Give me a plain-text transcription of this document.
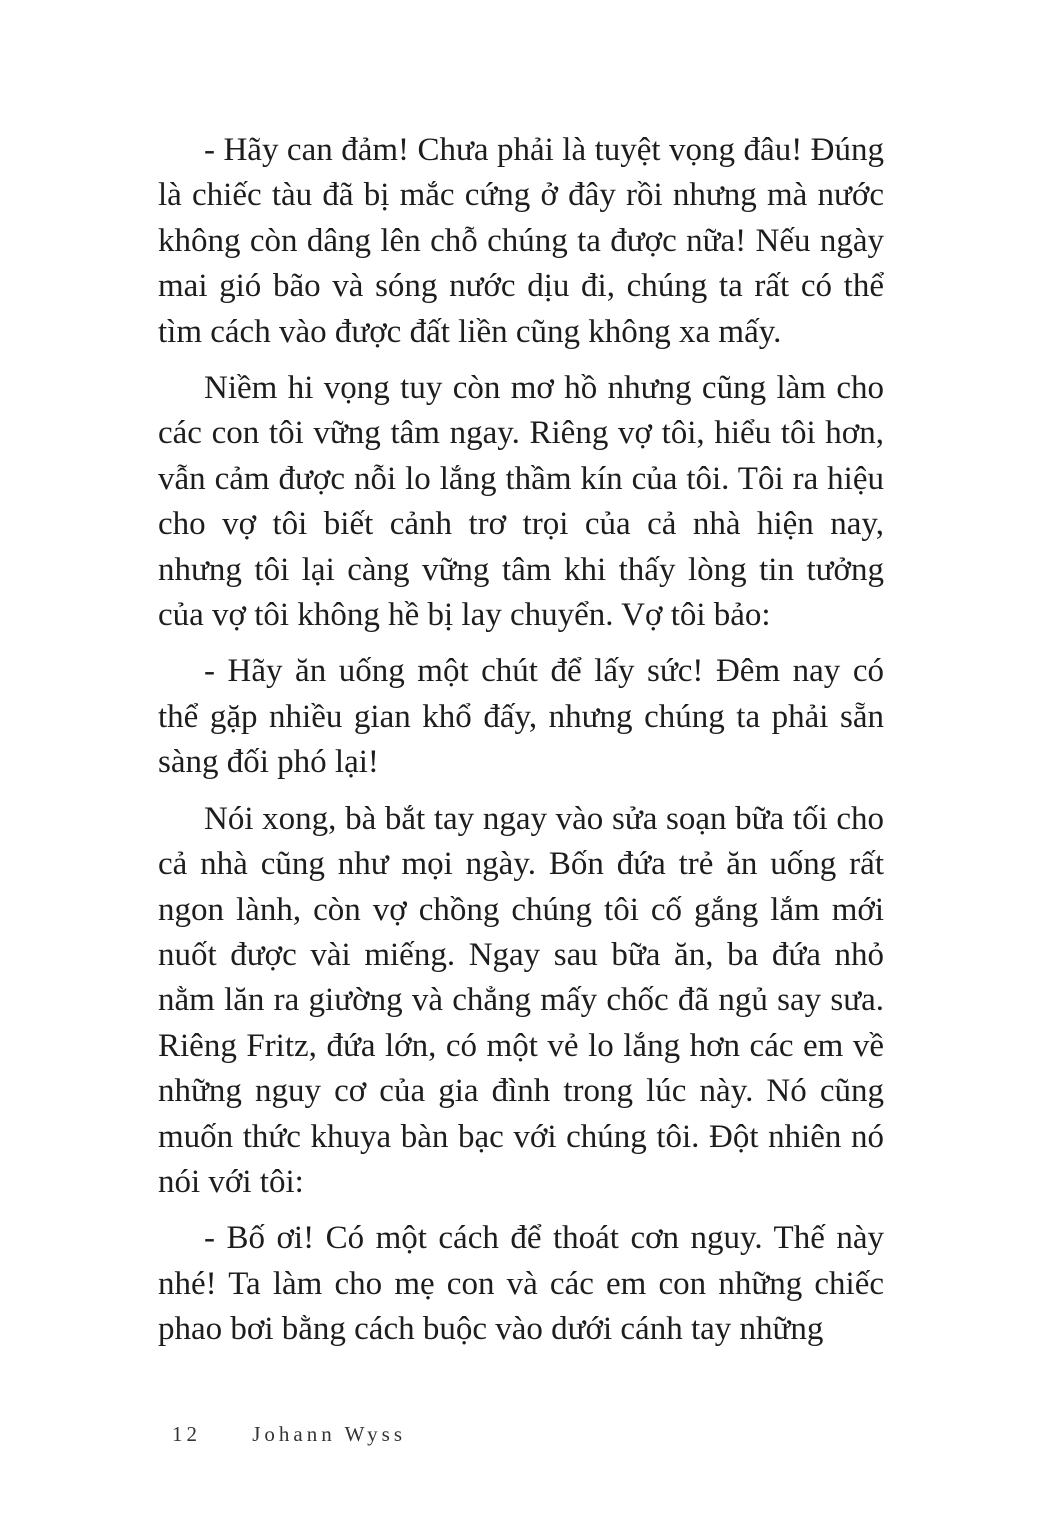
- Hãy can đảm! Chưa phải là tuyệt vọng đâu! Đúng là chiếc tàu đã bị mắc cứng ở đây rồi nhưng mà nước không còn dâng lên chỗ chúng ta được nữa! Nếu ngày mai gió bão và sóng nước dịu đi, chúng ta rất có thể tìm cách vào được đất liền cũng không xa mấy.

Niềm hi vọng tuy còn mơ hồ nhưng cũng làm cho các con tôi vững tâm ngay. Riêng vợ tôi, hiểu tôi hơn, vẫn cảm được nỗi lo lắng thầm kín của tôi. Tôi ra hiệu cho vợ tôi biết cảnh trơ trọi của cả nhà hiện nay, nhưng tôi lại càng vững tâm khi thấy lòng tin tưởng của vợ tôi không hề bị lay chuyển. Vợ tôi bảo:

- Hãy ăn uống một chút để lấy sức! Đêm nay có thể gặp nhiều gian khổ đấy, nhưng chúng ta phải sẵn sàng đối phó lại!

Nói xong, bà bắt tay ngay vào sửa soạn bữa tối cho cả nhà cũng như mọi ngày. Bốn đứa trẻ ăn uống rất ngon lành, còn vợ chồng chúng tôi cố gắng lắm mới nuốt được vài miếng. Ngay sau bữa ăn, ba đứa nhỏ nằm lăn ra giường và chẳng mấy chốc đã ngủ say sưa. Riêng Fritz, đứa lớn, có một vẻ lo lắng hơn các em về những nguy cơ của gia đình trong lúc này. Nó cũng muốn thức khuya bàn bạc với chúng tôi. Đột nhiên nó nói với tôi:

- Bố ơi! Có một cách để thoát cơn nguy. Thế này nhé! Ta làm cho mẹ con và các em con những chiếc phao bơi bằng cách buộc vào dưới cánh tay những

12 Johann Wyss
